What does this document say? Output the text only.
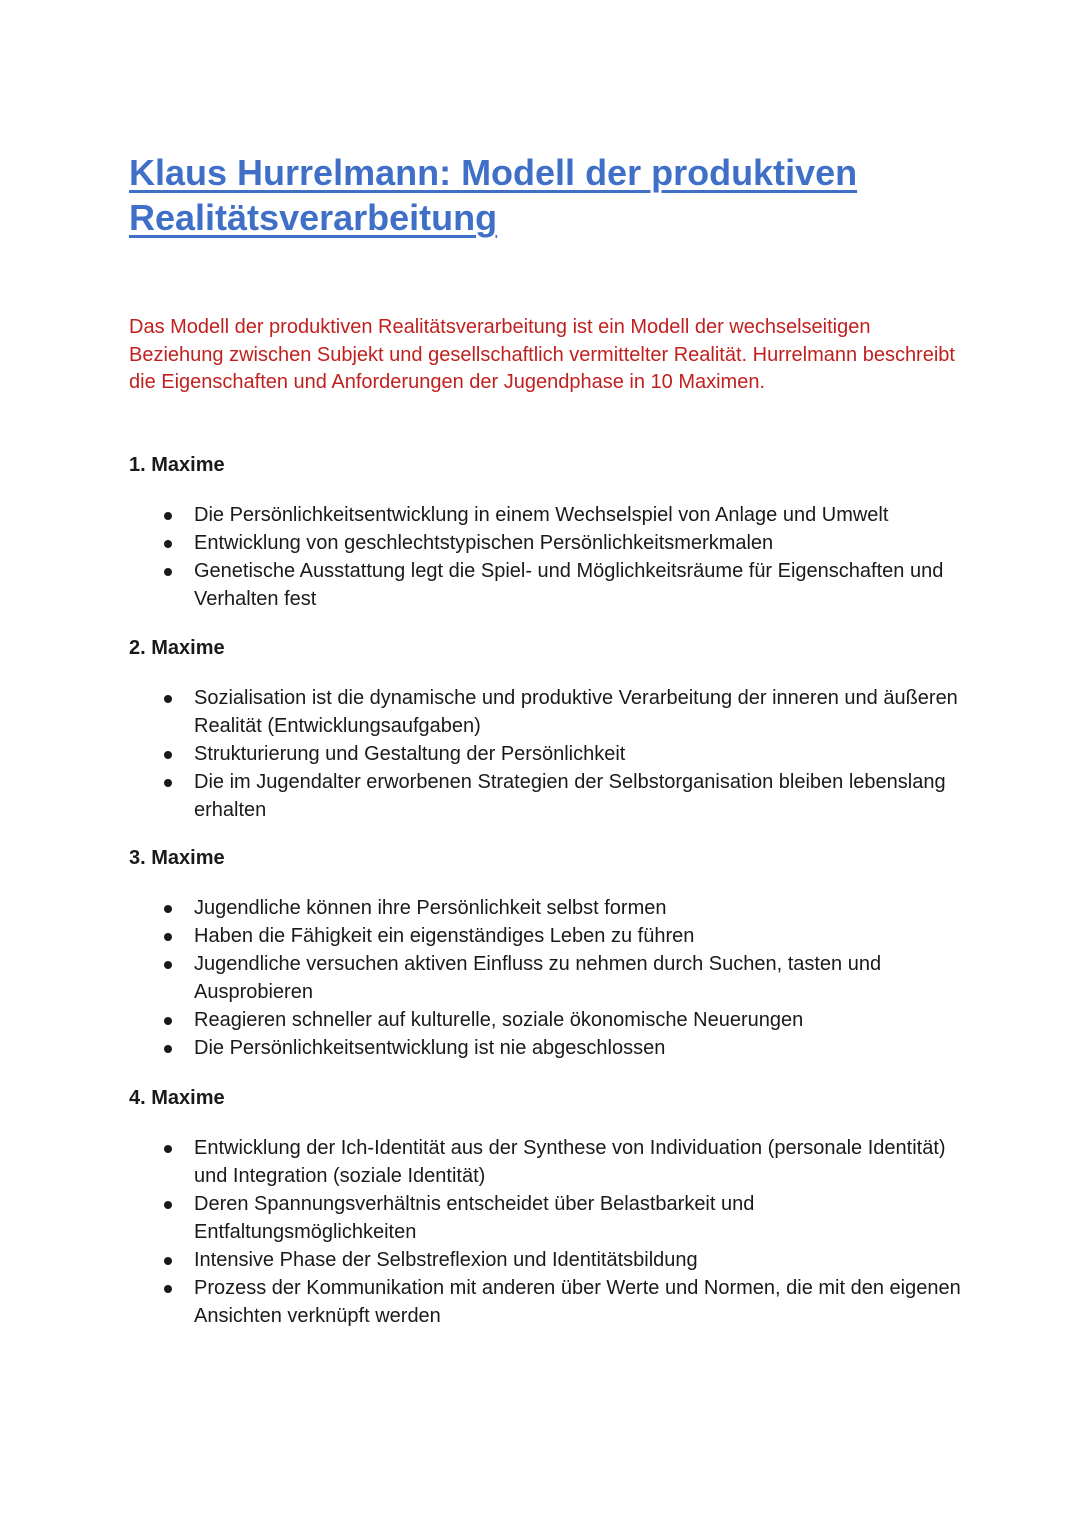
Klaus Hurrelmann: Modell der produktiven Realitätsverarbeitung

Das Modell der produktiven Realitätsverarbeitung ist ein Modell der wechselseitigen Beziehung zwischen Subjekt und gesellschaftlich vermittelter Realität. Hurrelmann beschreibt die Eigenschaften und Anforderungen der Jugendphase in 10 Maximen.

1. Maxime
Die Persönlichkeitsentwicklung in einem Wechselspiel von Anlage und Umwelt
Entwicklung von geschlechtstypischen Persönlichkeitsmerkmalen
Genetische Ausstattung legt die Spiel- und Möglichkeitsräume für Eigenschaften und Verhalten fest
2. Maxime
Sozialisation ist die dynamische und produktive Verarbeitung der inneren und äußeren Realität (Entwicklungsaufgaben)
Strukturierung und Gestaltung der Persönlichkeit
Die im Jugendalter erworbenen Strategien der Selbstorganisation bleiben lebenslang erhalten
3. Maxime
Jugendliche können ihre Persönlichkeit selbst formen
Haben die Fähigkeit ein eigenständiges Leben zu führen
Jugendliche versuchen aktiven Einfluss zu nehmen durch Suchen, tasten und Ausprobieren
Reagieren schneller auf kulturelle, soziale ökonomische Neuerungen
Die Persönlichkeitsentwicklung ist nie abgeschlossen
4. Maxime
Entwicklung der Ich-Identität aus der Synthese von Individuation (personale Identität) und Integration (soziale Identität)
Deren Spannungsverhältnis entscheidet über Belastbarkeit und Entfaltungsmöglichkeiten
Intensive Phase der Selbstreflexion und Identitätsbildung
Prozess der Kommunikation mit anderen über Werte und Normen, die mit den eigenen Ansichten verknüpft werden
